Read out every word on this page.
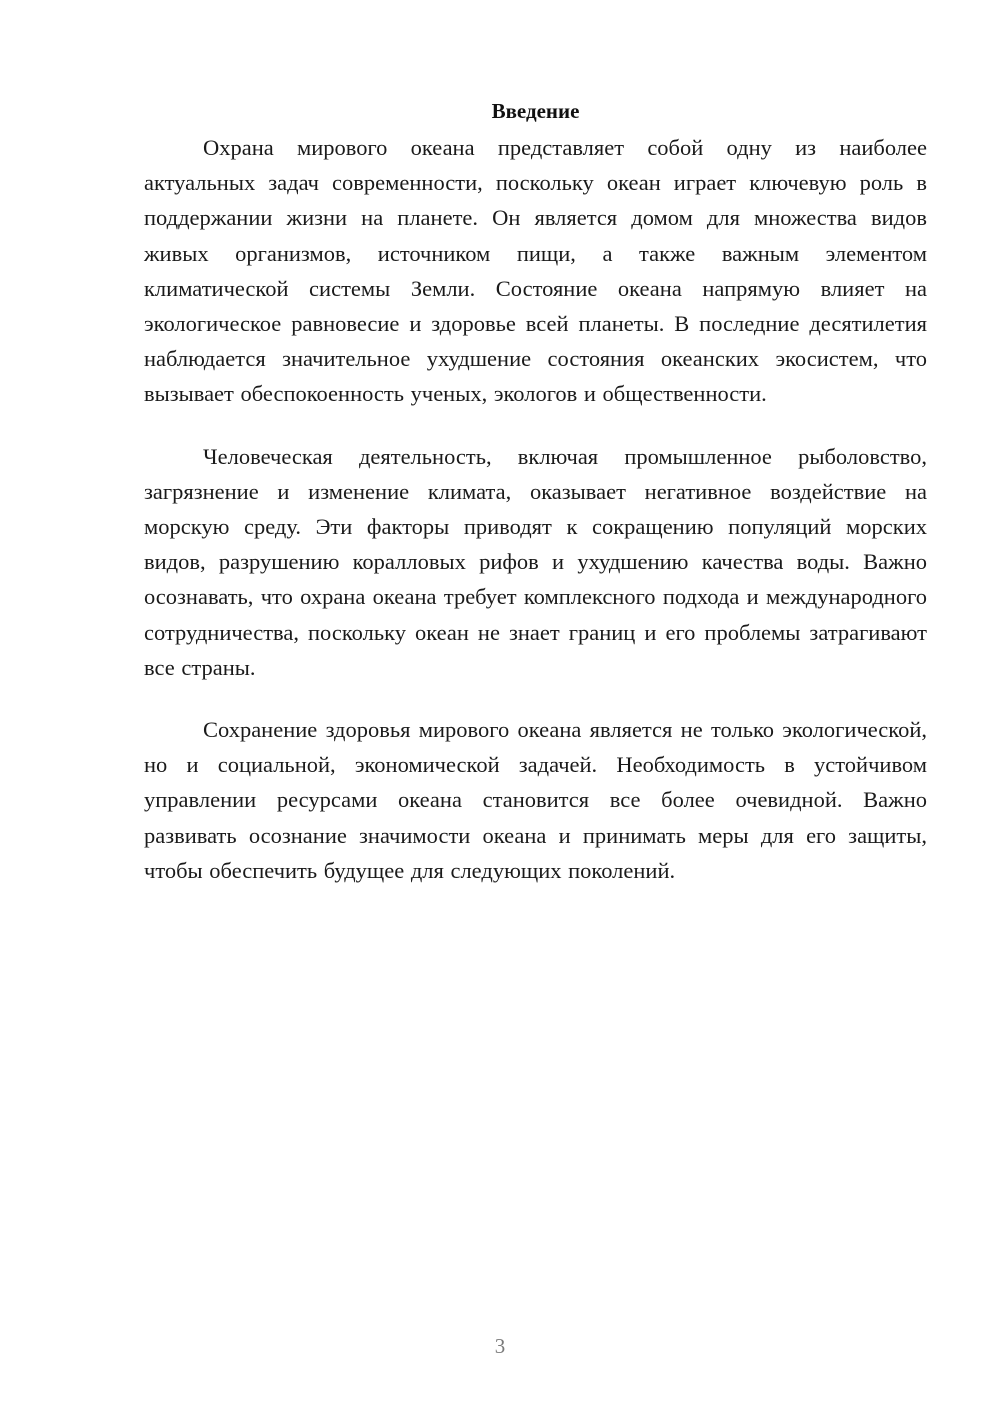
Введение

Охрана мирового океана представляет собой одну из наиболее актуальных задач современности, поскольку океан играет ключевую роль в поддержании жизни на планете. Он является домом для множества видов живых организмов, источником пищи, а также важным элементом климатической системы Земли. Состояние океана напрямую влияет на экологическое равновесие и здоровье всей планеты. В последние десятилетия наблюдается значительное ухудшение состояния океанских экосистем, что вызывает обеспокоенность ученых, экологов и общественности.

Человеческая деятельность, включая промышленное рыболовство, загрязнение и изменение климата, оказывает негативное воздействие на морскую среду. Эти факторы приводят к сокращению популяций морских видов, разрушению коралловых рифов и ухудшению качества воды. Важно осознавать, что охрана океана требует комплексного подхода и международного сотрудничества, поскольку океан не знает границ и его проблемы затрагивают все страны.

Сохранение здоровья мирового океана является не только экологической, но и социальной, экономической задачей. Необходимость в устойчивом управлении ресурсами океана становится все более очевидной. Важно развивать осознание значимости океана и принимать меры для его защиты, чтобы обеспечить будущее для следующих поколений.

3
